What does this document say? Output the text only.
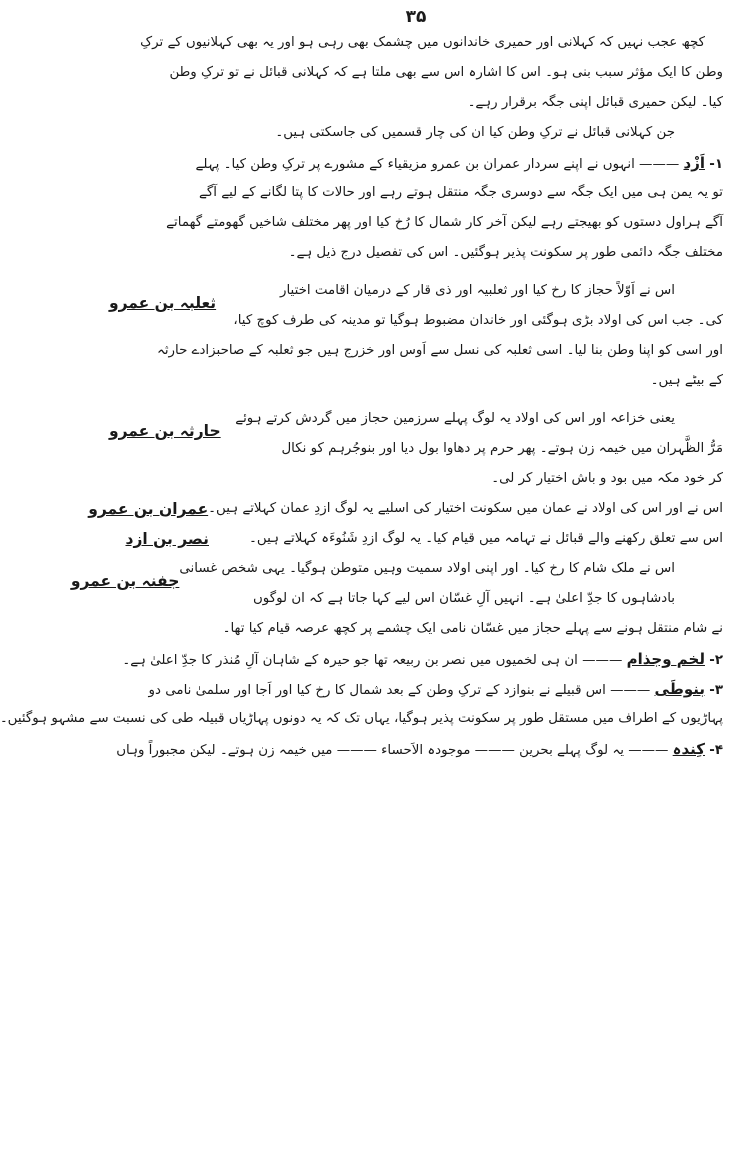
۳۵
کچھ عجب نہیں کہ کہلانی اور حمیری خاندانوں میں چشمک بھی رہی ہو اور یہ بھی کہلانیوں کے ترکِ
وطن کا ایک مؤثر سبب بنی ہو۔ اس کا اشارہ اس سے بھی ملتا ہے کہ کہلانی قبائل نے تو ترکِ وطن
کیا۔ لیکن حمیری قبائل اپنی جگہ برقرار رہے۔
جن کہلانی قبائل نے ترکِ وطن کیا ان کی چار قسمیں کی جاسکتی ہیں۔
۱- اَزْد ——— انہوں نے اپنے سردار عمران بن عمرو مزیقیاء کے مشورے پر ترکِ وطن کیا۔ پہلے
تو یہ یمن ہی میں ایک جگہ سے دوسری جگہ منتقل ہوتے رہے اور حالات کا پتا لگانے کے لیے آگے
آگے ہراول دستوں کو بھیجتے رہے لیکن آخر کار شمال کا رُخ کیا اور پھر مختلف شاخیں گھومتے گھماتے
مختلف جگہ دائمی طور پر سکونت پذیر ہوگئیں۔ اس کی تفصیل درج ذیل ہے۔
اس نے اَوّلاً حجاز کا رخ کیا اور ثعلبیہ اور ذی قار کے درمیان اقامت اختیار
کی۔ جب اس کی اولاد بڑی ہوگئی اور خاندان مضبوط ہوگیا تو مدینہ کی طرف کوچ کیا،
ثعلبہ بن عمرو
اور اسی کو اپنا وطن بنا لیا۔ اسی ثعلبہ کی نسل سے اَوس اور خزرج ہیں جو ثعلبہ کے صاحبزادے حارثہ
کے بیٹے ہیں۔
یعنی خزاعہ اور اس کی اولاد یہ لوگ پہلے سرزمین حجاز میں گردش کرتے ہوئے
مَرُّ الظَّہران میں خیمہ زن ہوتے۔ پھر حرم پر دھاوا بول دیا اور بنوجُرہم کو نکال
حارثہ بن عمرو
کر خود مکہ میں بود و باش اختیار کر لی۔
اس نے اور اس کی اولاد نے عمان میں سکونت اختیار کی اسلیے یہ لوگ ازدِ عمان کہلاتے ہیں۔
عمران بن عمرو
اس سے تعلق رکھنے والے قبائل نے تہامہ میں قیام کیا۔ یہ لوگ ازدِ شَنُوءَہ کہلاتے ہیں۔
نصر بن ازد
اس نے ملک شام کا رخ کیا۔ اور اپنی اولاد سمیت وہیں متوطن ہوگیا۔ یہی شخص غسانی
بادشاہوں کا جدِّ اعلیٰ ہے۔ انہیں آلِ غسّان اس لیے کہا جاتا ہے کہ ان لوگوں
جفنہ بن عمرو
نے شام منتقل ہونے سے پہلے حجاز میں غسّان نامی ایک چشمے پر کچھ عرصہ قیام کیا تھا۔
۲- لخم وجذام ——— ان ہی لخمیوں میں نصر بن ربیعہ تھا جو حیرہ کے شاہان آلِ مُنذر کا جدِّ اعلیٰ ہے۔
۳- بنوطَی ——— اس قبیلے نے بنوازد کے ترکِ وطن کے بعد شمال کا رخ کیا اور اَجا اور سلمیٰ نامی دو
پہاڑیوں کے اطراف میں مستقل طور پر سکونت پذیر ہوگیا، یہاں تک کہ یہ دونوں پہاڑیاں قبیلہ طی کی نسبت سے مشہو ہوگئیں۔
۴- کِندہ ——— یہ لوگ پہلے بحرین ——— موجودہ الاَحساء ——— میں خیمہ زن ہوتے۔ لیکن مجبوراً وہاں
